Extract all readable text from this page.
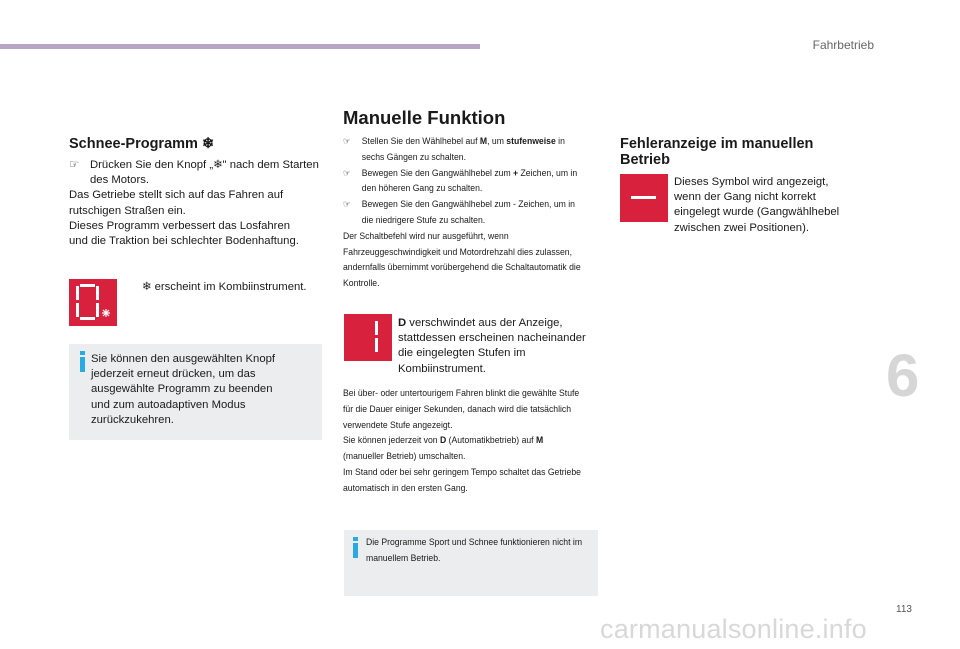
Fahrbetrieb
6
113
carmanualsonline.info
Schnee-Programm ❄
☞ Drücken Sie den Knopf „❄" nach dem Starten des Motors.
Das Getriebe stellt sich auf das Fahren auf
rutschigen Straßen ein.
Dieses Programm verbessert das Losfahren
und die Traktion bei schlechter Bodenhaftung.
❄ erscheint im Kombiinstrument.
Sie können den ausgewählten Knopf
jederzeit erneut drücken, um das
ausgewählte Programm zu beenden
und zum autoadaptiven Modus
zurückzukehren.
Manuelle Funktion
☞	Stellen Sie den Wählhebel auf M, um stufenweise in sechs Gängen zu schalten.
☞	Bewegen Sie den Gangwählhebel zum + Zeichen, um in den höheren Gang zu schalten.
☞	Bewegen Sie den Gangwählhebel zum - Zeichen, um in die niedrigere Stufe zu schalten.
Der Schaltbefehl wird nur ausgeführt, wenn Fahrzeuggeschwindigkeit und Motordrehzahl dies zulassen, andernfalls übernimmt vorübergehend die Schaltautomatik die Kontrolle.
D verschwindet aus der Anzeige, stattdessen erscheinen nacheinander die eingelegten Stufen im Kombiinstrument.
Bei über- oder untertourigem Fahren blinkt die gewählte Stufe für die Dauer einiger Sekunden, danach wird die tatsächlich verwendete Stufe angezeigt.
Sie können jederzeit von D (Automatikbetrieb) auf M (manueller Betrieb) umschalten.
Im Stand oder bei sehr geringem Tempo schaltet das Getriebe automatisch in den ersten Gang.
Die Programme Sport und Schnee funktionieren nicht im manuellem Betrieb.
Fehleranzeige im manuellen
Betrieb
Dieses Symbol wird angezeigt,
wenn der Gang nicht korrekt
eingelegt wurde (Gangwählhebel
zwischen zwei Positionen).
